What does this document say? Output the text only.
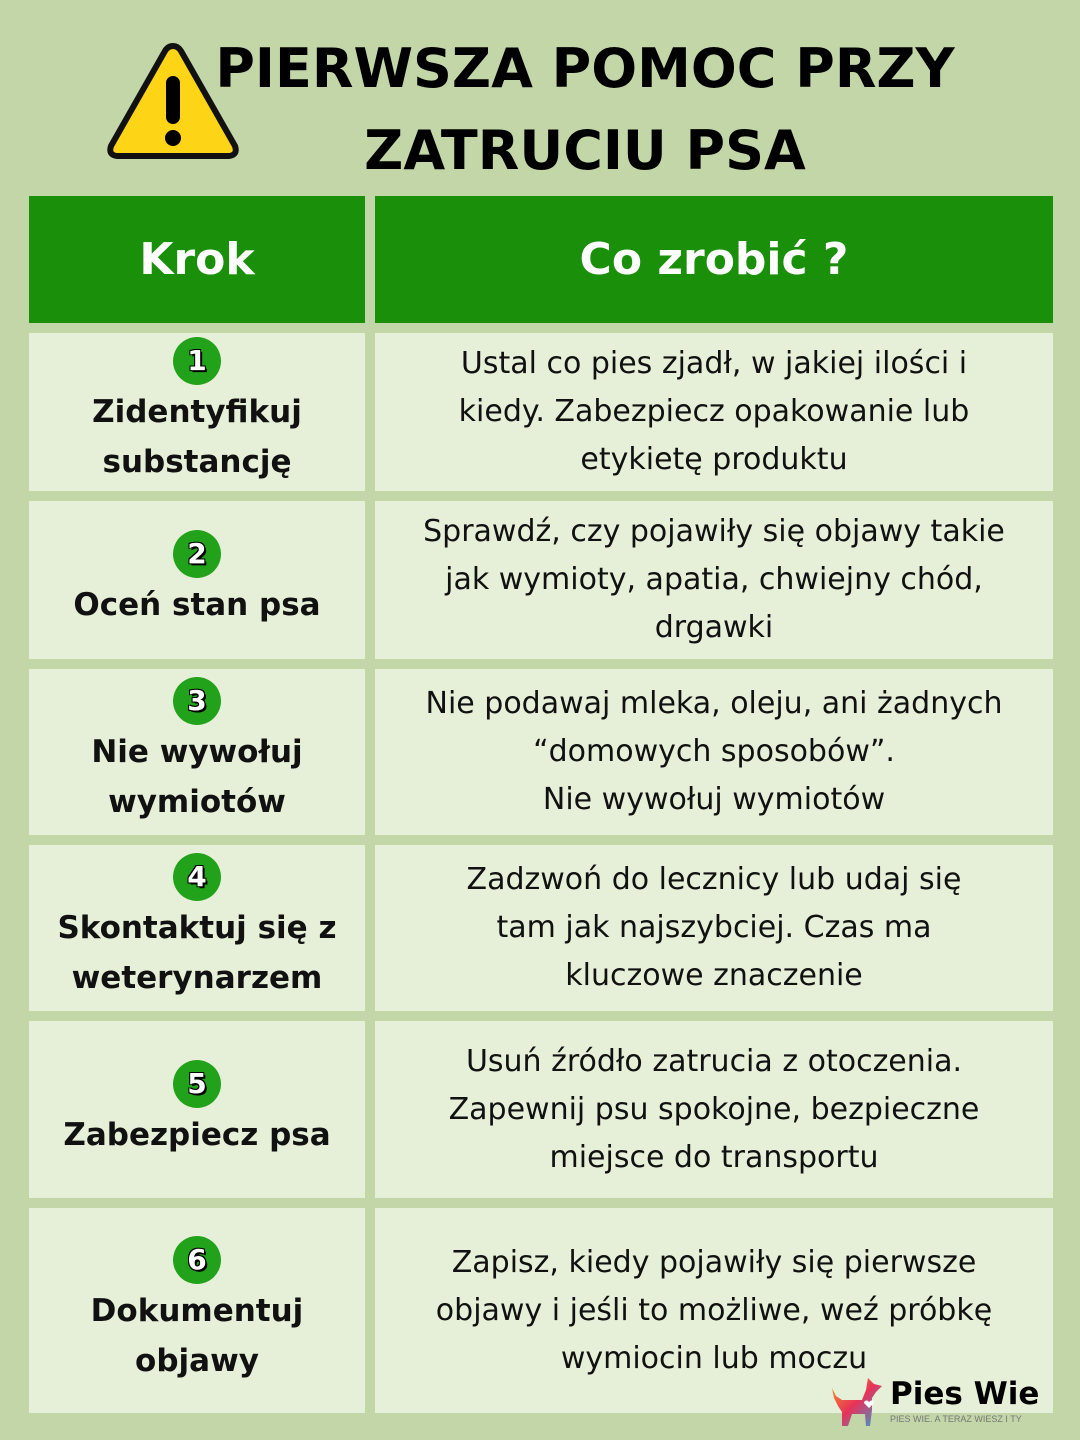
PIERWSZA POMOC PRZY
ZATRUCIU PSA
Krok	Co zrobić ?
1
Zidentyfikuj
substancję
Ustal co pies zjadł, w jakiej ilości i
kiedy. Zabezpiecz opakowanie lub
etykietę produktu
2
Oceń stan psa
Sprawdź, czy pojawiły się objawy takie
jak wymioty, apatia, chwiejny chód,
drgawki
3
Nie wywołuj
wymiotów
Nie podawaj mleka, oleju, ani żadnych
“domowych sposobów”.
Nie wywołuj wymiotów
4
Skontaktuj się z
weterynarzem
Zadzwoń do lecznicy lub udaj się
tam jak najszybciej. Czas ma
kluczowe znaczenie
5
Zabezpiecz psa
Usuń źródło zatrucia z otoczenia.
Zapewnij psu spokojne, bezpieczne
miejsce do transportu
6
Dokumentuj
objawy
Zapisz, kiedy pojawiły się pierwsze
objawy i jeśli to możliwe, weź próbkę
wymiocin lub moczu
Pies Wie
PIES WIE. A TERAZ WIESZ I TY
